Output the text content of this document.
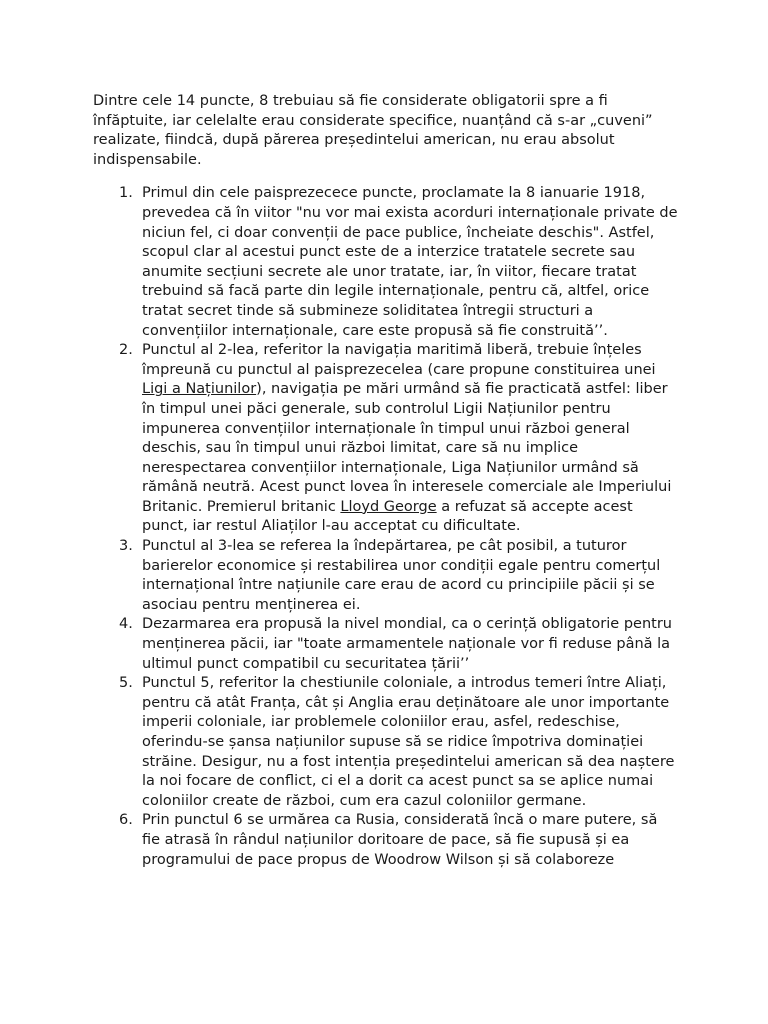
Dintre cele 14 puncte, 8 trebuiau să fie considerate obligatorii spre a fi înfăptuite, iar celelalte erau considerate specifice, nuanțând că s-ar „cuveni” realizate, fiindcă, după părerea președintelui american, nu erau absolut indispensabile.

1. Primul din cele paisprezecece puncte, proclamate la 8 ianuarie 1918, prevedea că în viitor "nu vor mai exista acorduri internaționale private de niciun fel, ci doar convenții de pace publice, încheiate deschis". Astfel, scopul clar al acestui punct este de a interzice tratatele secrete sau anumite secțiuni secrete ale unor tratate, iar, în viitor, fiecare tratat trebuind să facă parte din legile internaționale, pentru că, altfel, orice tratat secret tinde să submineze soliditatea întregii structuri a convențiilor internaționale, care este propusă să fie construită’’.
2. Punctul al 2-lea, referitor la navigația maritimă liberă, trebuie înțeles împreună cu punctul al paisprezecelea (care propune constituirea unei Ligi a Națiunilor), navigația pe mări urmând să fie practicată astfel: liber în timpul unei păci generale, sub controlul Ligii Națiunilor pentru impunerea convențiilor internaționale în timpul unui război general deschis, sau în timpul unui război limitat, care să nu implice nerespectarea convențiilor internaționale, Liga Națiunilor urmând să rămână neutră. Acest punct lovea în interesele comerciale ale Imperiului Britanic. Premierul britanic Lloyd George a refuzat să accepte acest punct, iar restul Aliaților l-au acceptat cu dificultate.
3. Punctul al 3-lea se referea la îndepărtarea, pe cât posibil, a tuturor barierelor economice și restabilirea unor condiții egale pentru comerțul internațional între națiunile care erau de acord cu principiile păcii și se asociau pentru menținerea ei.
4. Dezarmarea era propusă la nivel mondial, ca o cerință obligatorie pentru menținerea păcii, iar "toate armamentele naționale vor fi reduse până la ultimul punct compatibil cu securitatea țării’’
5. Punctul 5, referitor la chestiunile coloniale, a introdus temeri între Aliați, pentru că atât Franța, cât și Anglia erau deținătoare ale unor importante imperii coloniale, iar problemele coloniilor erau, asfel, redeschise, oferindu-se șansa națiunilor supuse să se ridice împotriva dominației străine. Desigur, nu a fost intenția președintelui american să dea naștere la noi focare de conflict, ci el a dorit ca acest punct sa se aplice numai coloniilor create de război, cum era cazul coloniilor germane.
6. Prin punctul 6 se urmărea ca Rusia, considerată încă o mare putere, să fie atrasă în rândul națiunilor doritoare de pace, să fie supusă și ea programului de pace propus de Woodrow Wilson și să colaboreze
